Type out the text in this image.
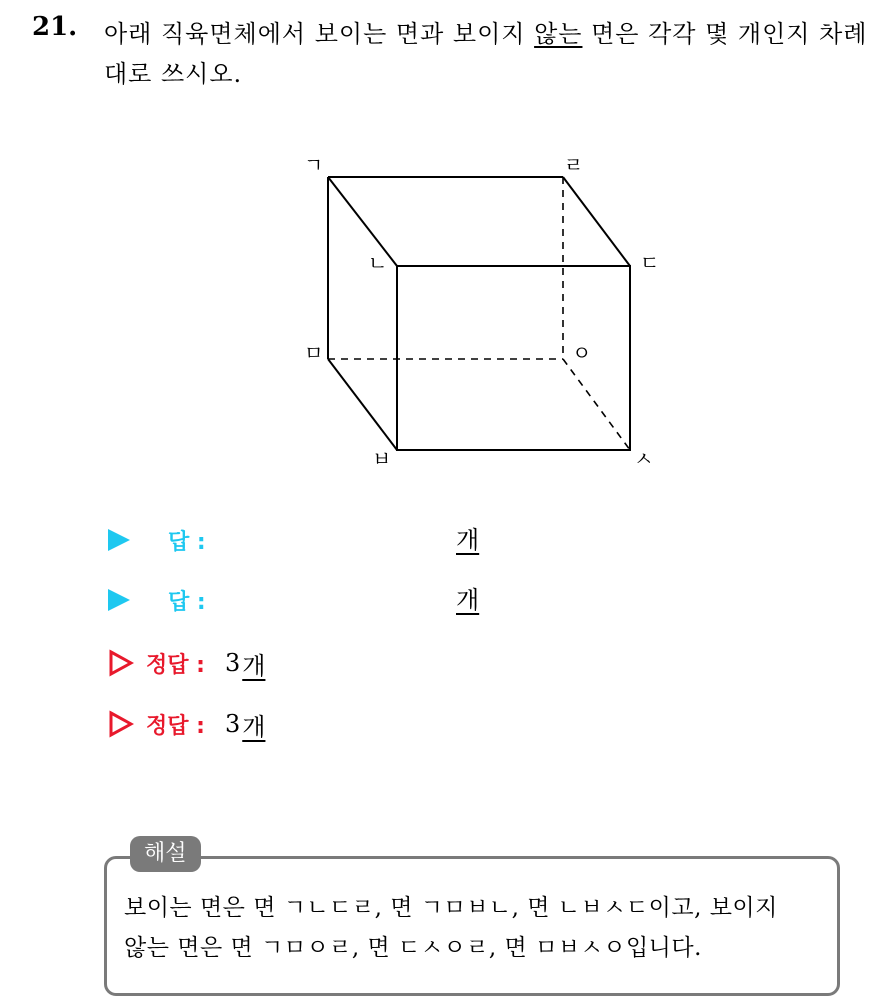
21. 아래 직육면체에서 보이는 면과 보이지 않는 면은 각각 몇 개인지 차례대로 쓰시오.
ㄱ	ㄹ
ㄴ	ㄷ
ㅁ	ㅇ
ㅂ	ㅅ
답 :	개
답 :	개
정답 : 3 개
정답 : 3 개
해설
보이는 면은 면 ㄱㄴㄷㄹ, 면 ㄱㅁㅂㄴ, 면 ㄴㅂㅅㄷ이고, 보이지
않는 면은 면 ㄱㅁㅇㄹ, 면 ㄷㅅㅇㄹ, 면 ㅁㅂㅅㅇ입니다.
